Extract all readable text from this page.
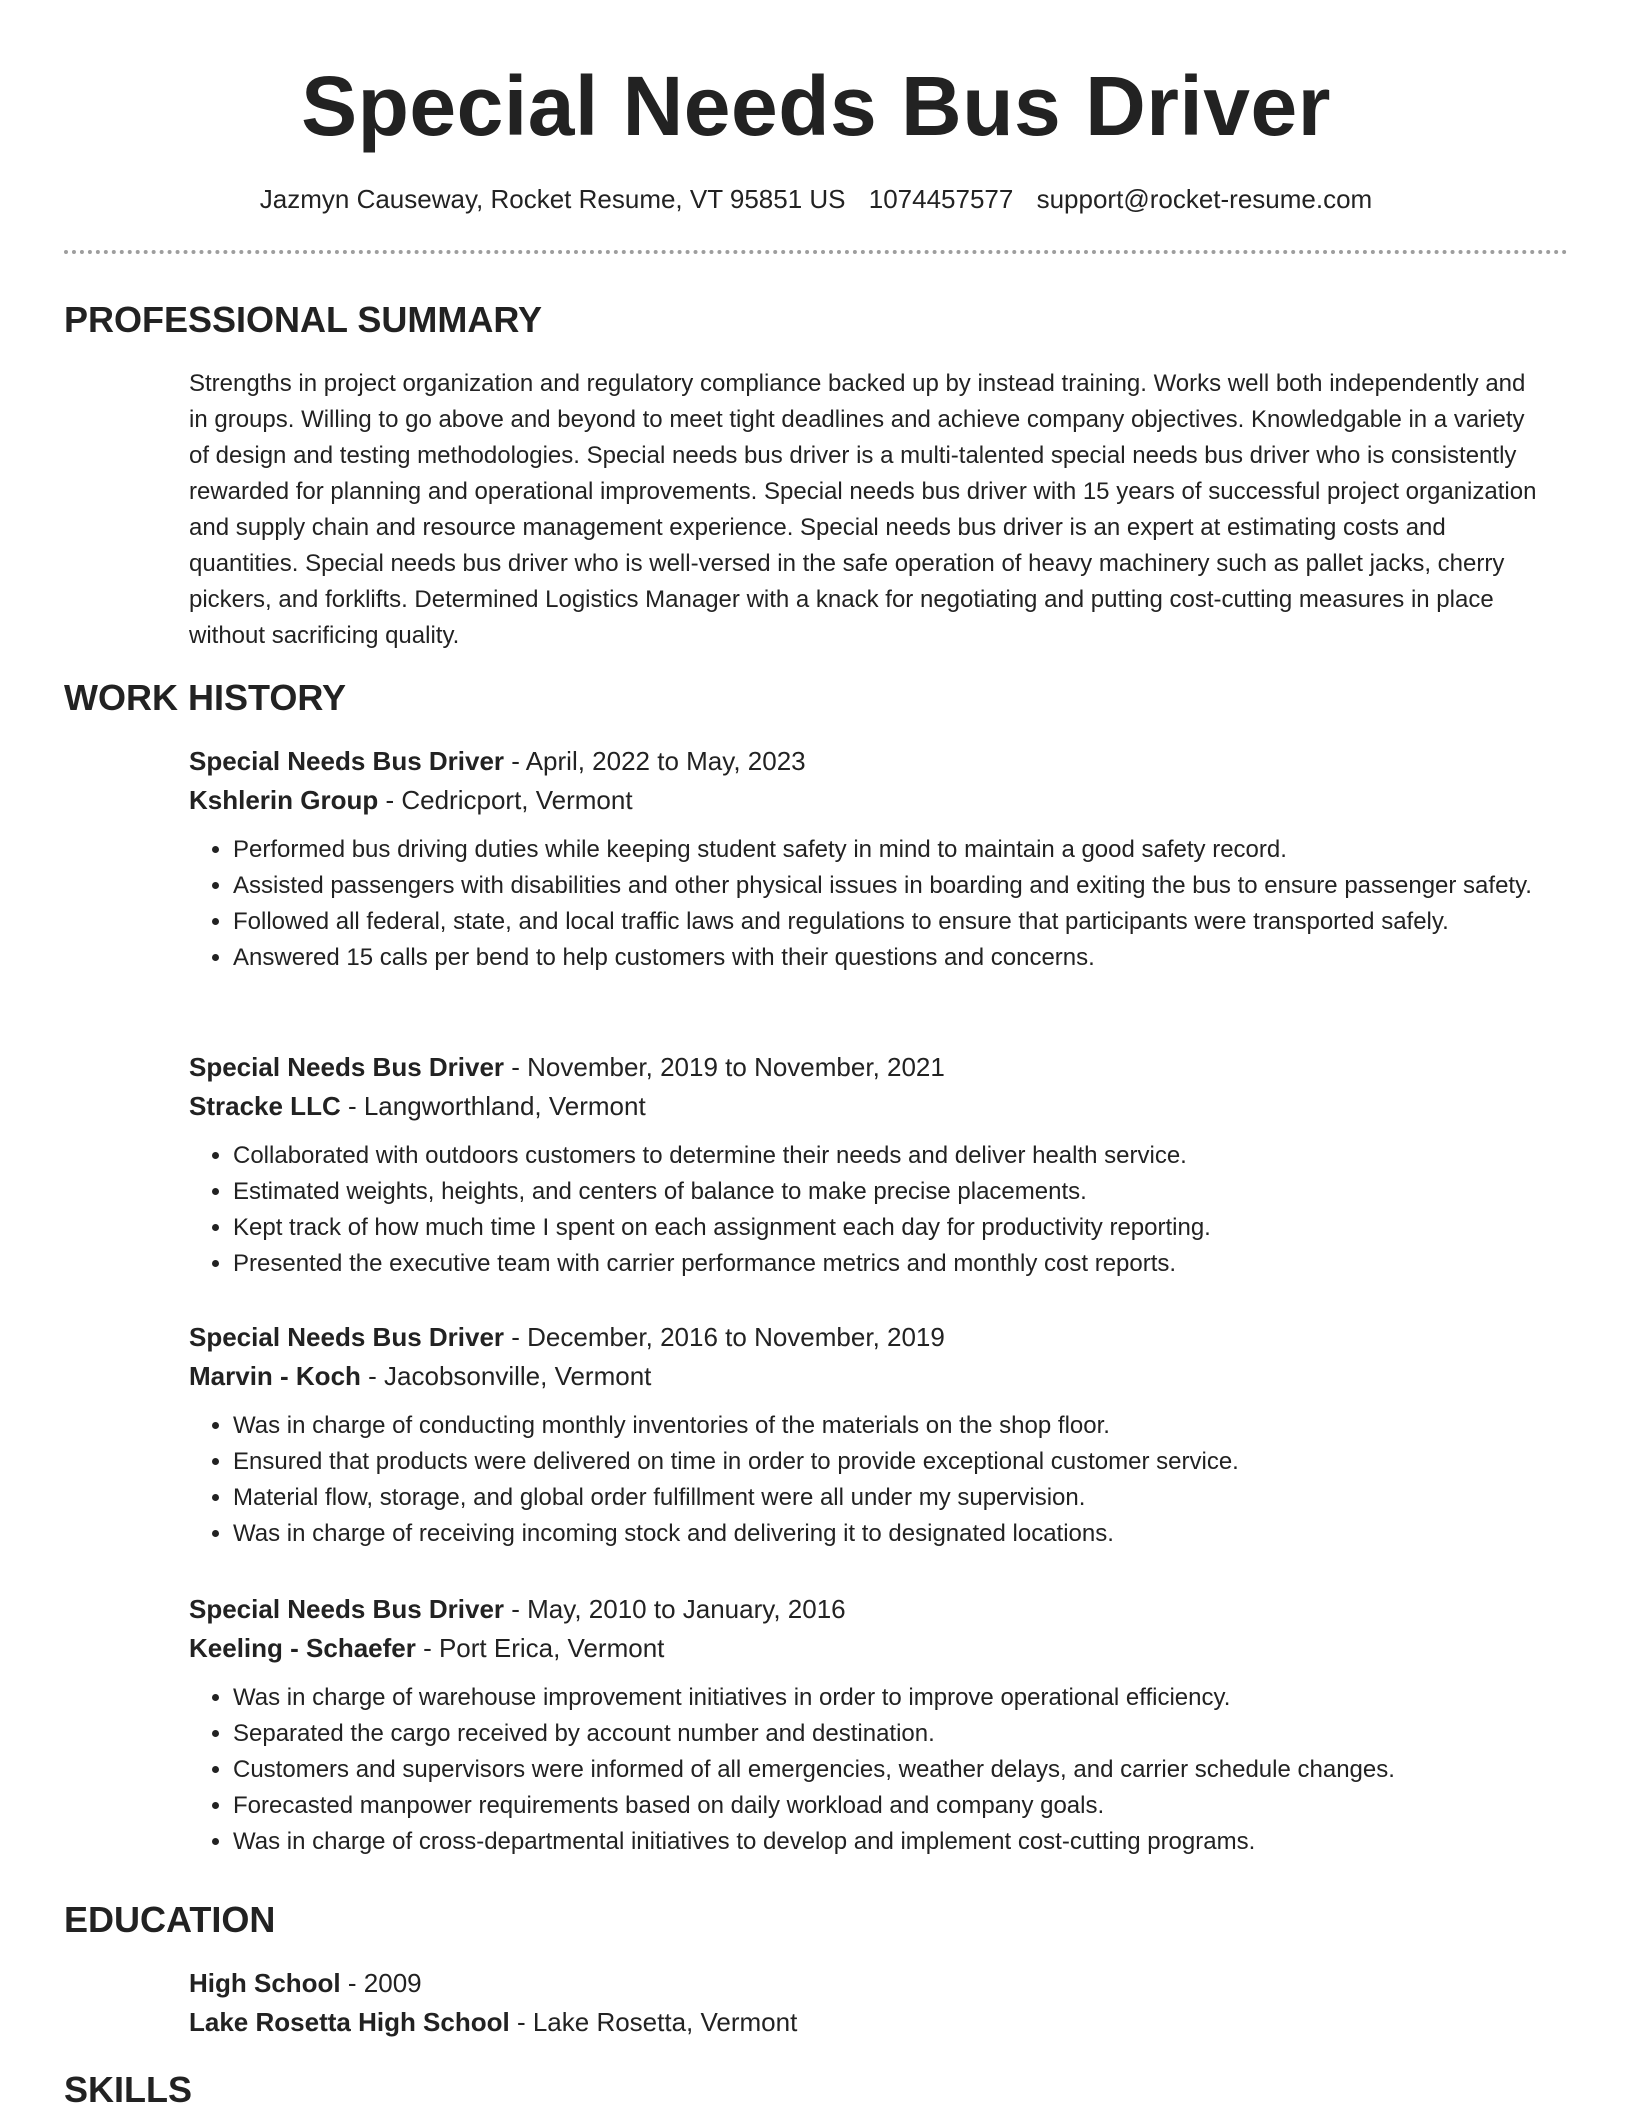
Special Needs Bus Driver
Jazmyn Causeway, Rocket Resume, VT 95851 US 1074457577 support@rocket-resume.com
PROFESSIONAL SUMMARY

Strengths in project organization and regulatory compliance backed up by instead training. Works well both independently and in groups. Willing to go above and beyond to meet tight deadlines and achieve company objectives. Knowledgable in a variety of design and testing methodologies. Special needs bus driver is a multi-talented special needs bus driver who is consistently rewarded for planning and operational improvements. Special needs bus driver with 15 years of successful project organization and supply chain and resource management experience. Special needs bus driver is an expert at estimating costs and quantities. Special needs bus driver who is well-versed in the safe operation of heavy machinery such as pallet jacks, cherry pickers, and forklifts. Determined Logistics Manager with a knack for negotiating and putting cost-cutting measures in place without sacrificing quality.

WORK HISTORY

Special Needs Bus Driver - April, 2022 to May, 2023

Kshlerin Group - Cedricport, Vermont

• Performed bus driving duties while keeping student safety in mind to maintain a good safety record.
• Assisted passengers with disabilities and other physical issues in boarding and exiting the bus to ensure passenger safety.
• Followed all federal, state, and local traffic laws and regulations to ensure that participants were transported safely.
• Answered 15 calls per bend to help customers with their questions and concerns.

Special Needs Bus Driver - November, 2019 to November, 2021

Stracke LLC - Langworthland, Vermont

• Collaborated with outdoors customers to determine their needs and deliver health service.
• Estimated weights, heights, and centers of balance to make precise placements.
• Kept track of how much time I spent on each assignment each day for productivity reporting.
• Presented the executive team with carrier performance metrics and monthly cost reports.

Special Needs Bus Driver - December, 2016 to November, 2019

Marvin - Koch - Jacobsonville, Vermont

• Was in charge of conducting monthly inventories of the materials on the shop floor.
• Ensured that products were delivered on time in order to provide exceptional customer service.
• Material flow, storage, and global order fulfillment were all under my supervision.
• Was in charge of receiving incoming stock and delivering it to designated locations.

Special Needs Bus Driver - May, 2010 to January, 2016

Keeling - Schaefer - Port Erica, Vermont

• Was in charge of warehouse improvement initiatives in order to improve operational efficiency.
• Separated the cargo received by account number and destination.
• Customers and supervisors were informed of all emergencies, weather delays, and carrier schedule changes.
• Forecasted manpower requirements based on daily workload and company goals.
• Was in charge of cross-departmental initiatives to develop and implement cost-cutting programs.
EDUCATION

High School - 2009

Lake Rosetta High School - Lake Rosetta, Vermont

SKILLS
